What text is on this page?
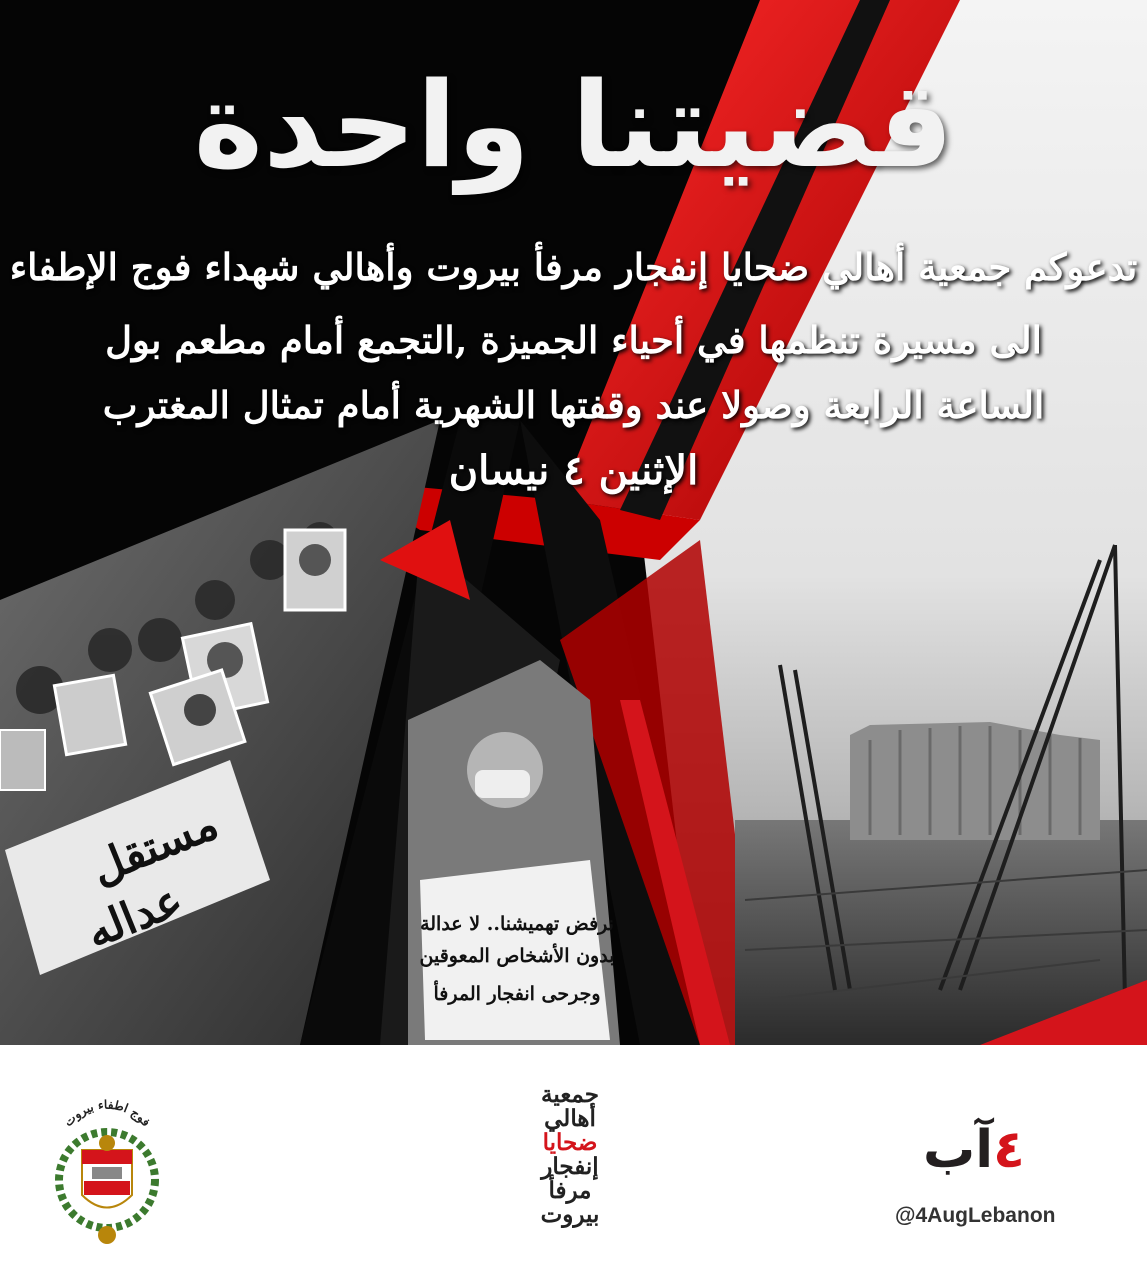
مستقل
عداله	نرفض تهميشنا.. لا عدالة
بدون الأشخاص المعوقين
وجرحى انفجار المرفأ
قضيتنا واحدة
تدعوكم جمعية أهالي ضحايا إنفجار مرفأ بيروت وأهالي شهداء فوج الإطفاء
الى مسيرة تنظمها في أحياء الجميزة ,التجمع أمام مطعم بول
الساعة الرابعة وصولا عند وقفتها الشهرية أمام تمثال المغترب
الإثنين ٤ نيسان
فوج اطفاء بيروت
جمعية
أهالي
ضحايا
إنفجار
مرفأ
بيروت
٤آب
@4AugLebanon
